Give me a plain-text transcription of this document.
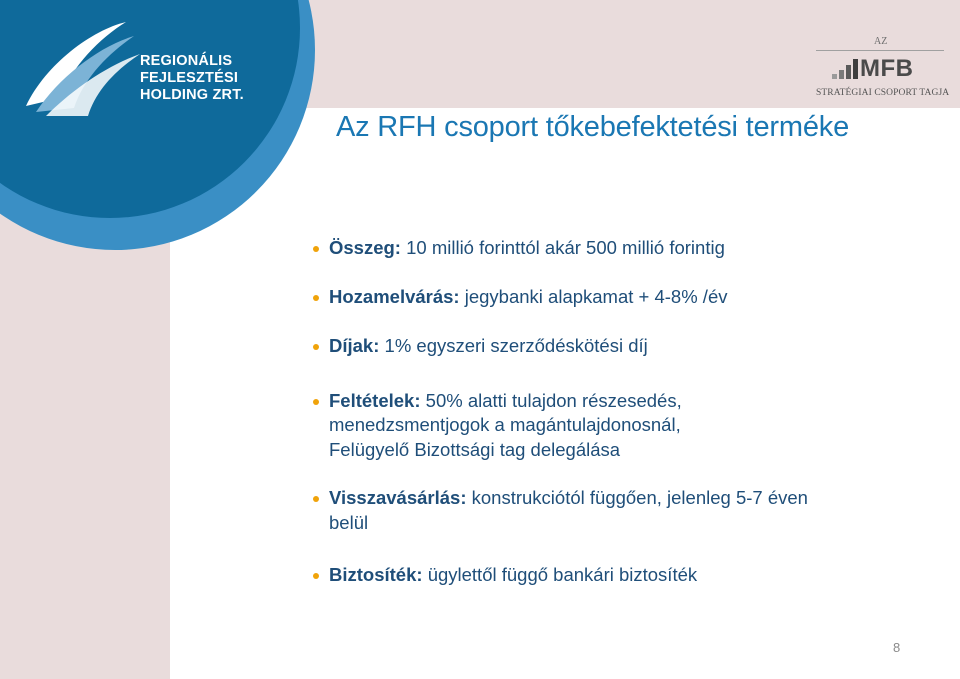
REGIONÁLIS
FEJLESZTÉSI
HOLDING ZRT.
AZ
MFB
STRATÉGIAI CSOPORT TAGJA
Az RFH csoport tőkebefektetési terméke
Összeg: 10 millió forinttól akár 500 millió forintig
Hozamelvárás: jegybanki alapkamat + 4-8% /év
Díjak: 1% egyszeri szerződéskötési díj
Feltételek: 50% alatti tulajdon részesedés,
menedzsmentjogok a magántulajdonosnál,
Felügyelő Bizottsági tag delegálása
Visszavásárlás: konstrukciótól függően, jelenleg 5-7 éven
belül
Biztosíték: ügylettől függő bankári biztosíték
8
